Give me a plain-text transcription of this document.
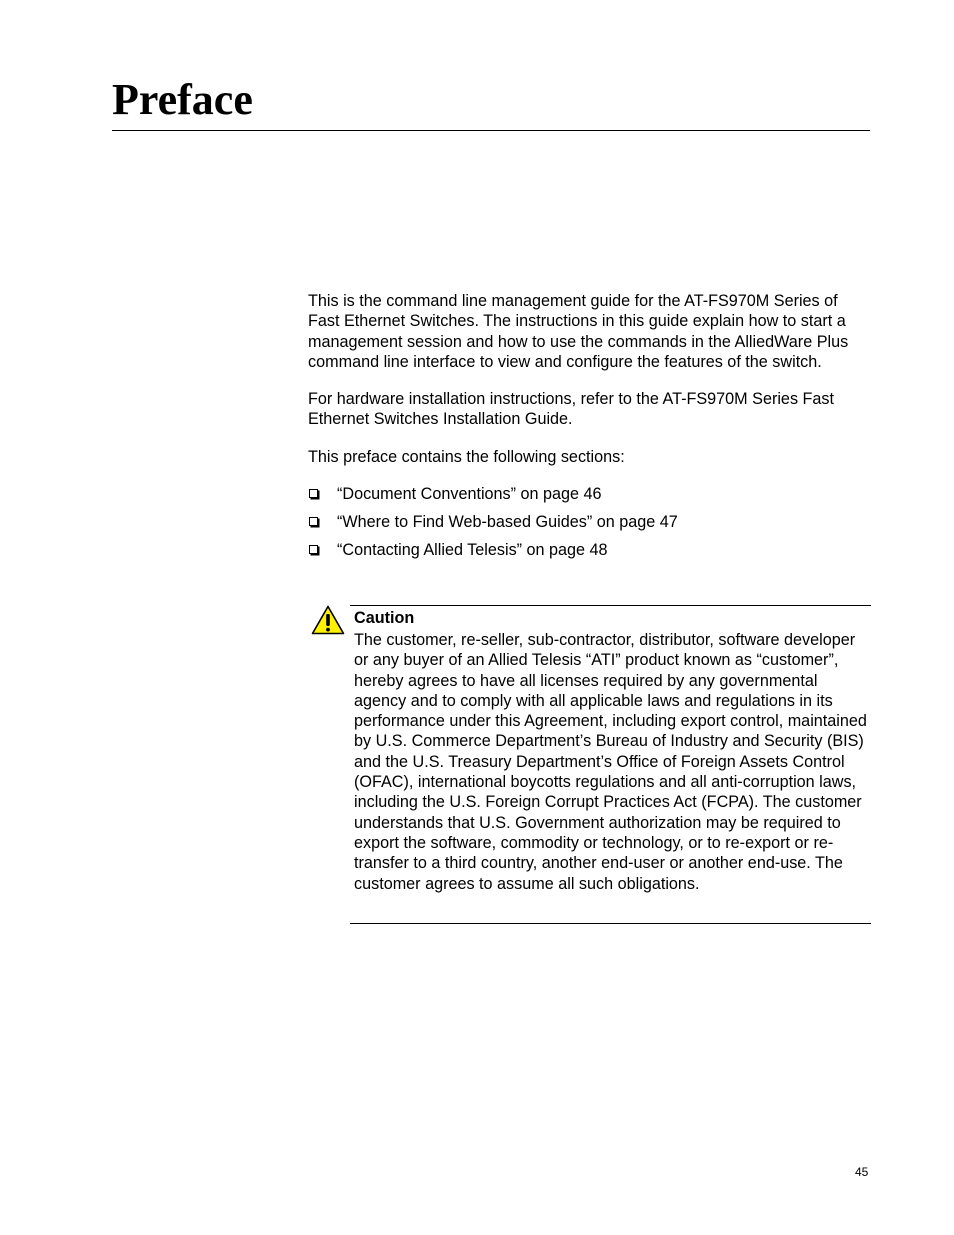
Preface

This is the command line management guide for the AT-FS970M Series of Fast Ethernet Switches. The instructions in this guide explain how to start a management session and how to use the commands in the AlliedWare Plus command line interface to view and configure the features of the switch.

For hardware installation instructions, refer to the AT-FS970M Series Fast Ethernet Switches Installation Guide.

This preface contains the following sections:

“Document Conventions” on page 46
“Where to Find Web-based Guides” on page 47
“Contacting Allied Telesis” on page 48
Caution

The customer, re-seller, sub-contractor, distributor, software developer or any buyer of an Allied Telesis “ATI” product known as “customer”, hereby agrees to have all licenses required by any governmental agency and to comply with all applicable laws and regulations in its performance under this Agreement, including export control, maintained by U.S. Commerce Department’s Bureau of Industry and Security (BIS) and the U.S. Treasury Department’s Office of Foreign Assets Control (OFAC), international boycotts regulations and all anti-corruption laws, including the U.S. Foreign Corrupt Practices Act (FCPA). The customer understands that U.S. Government authorization may be required to export the software, commodity or technology, or to re-export or re-transfer to a third country, another end-user or another end-use. The customer agrees to assume all such obligations.

45
